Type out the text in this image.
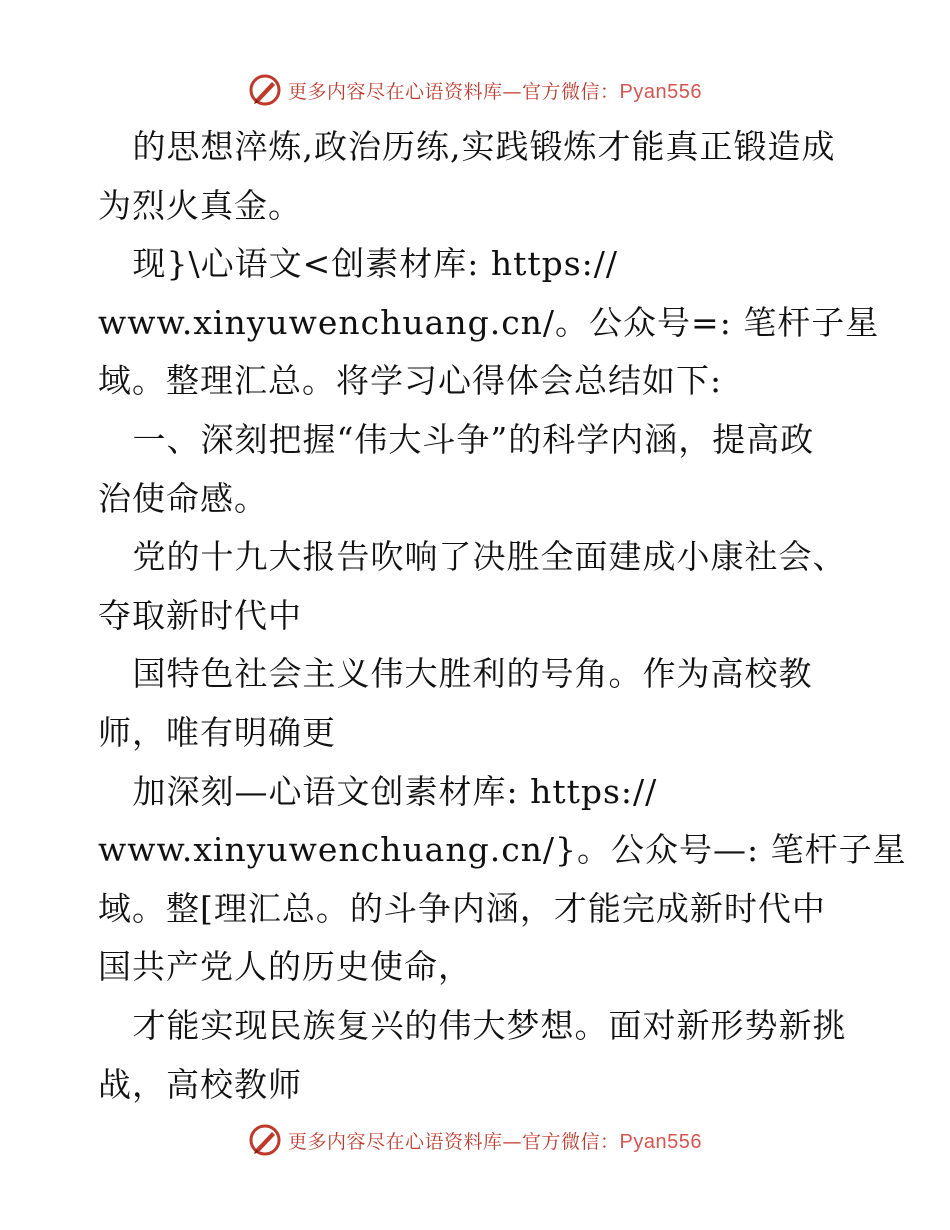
更多内容尽在心语资料库—官方微信：Pyan556

的思想淬炼,政治历练,实践锻炼才能真正锻造成

为烈火真金。

现}\心语文<创素材库: https://

www.xinyuwenchuang.cn/。公众号=: 笔杆子星

域。整理汇总。将学习心得体会总结如下:

一、深刻把握“伟大斗争”的科学内涵，提高政

治使命感。

党的十九大报告吹响了决胜全面建成小康社会、

夺取新时代中

国特色社会主义伟大胜利的号角。作为高校教

师，唯有明确更

加深刻—心语文创素材库: https://

www.xinyuwenchuang.cn/}。公众号—: 笔杆子星

域。整[理汇总。的斗争内涵，才能完成新时代中

国共产党人的历史使命，

才能实现民族复兴的伟大梦想。面对新形势新挑

战，高校教师

更多内容尽在心语资料库—官方微信：Pyan556
